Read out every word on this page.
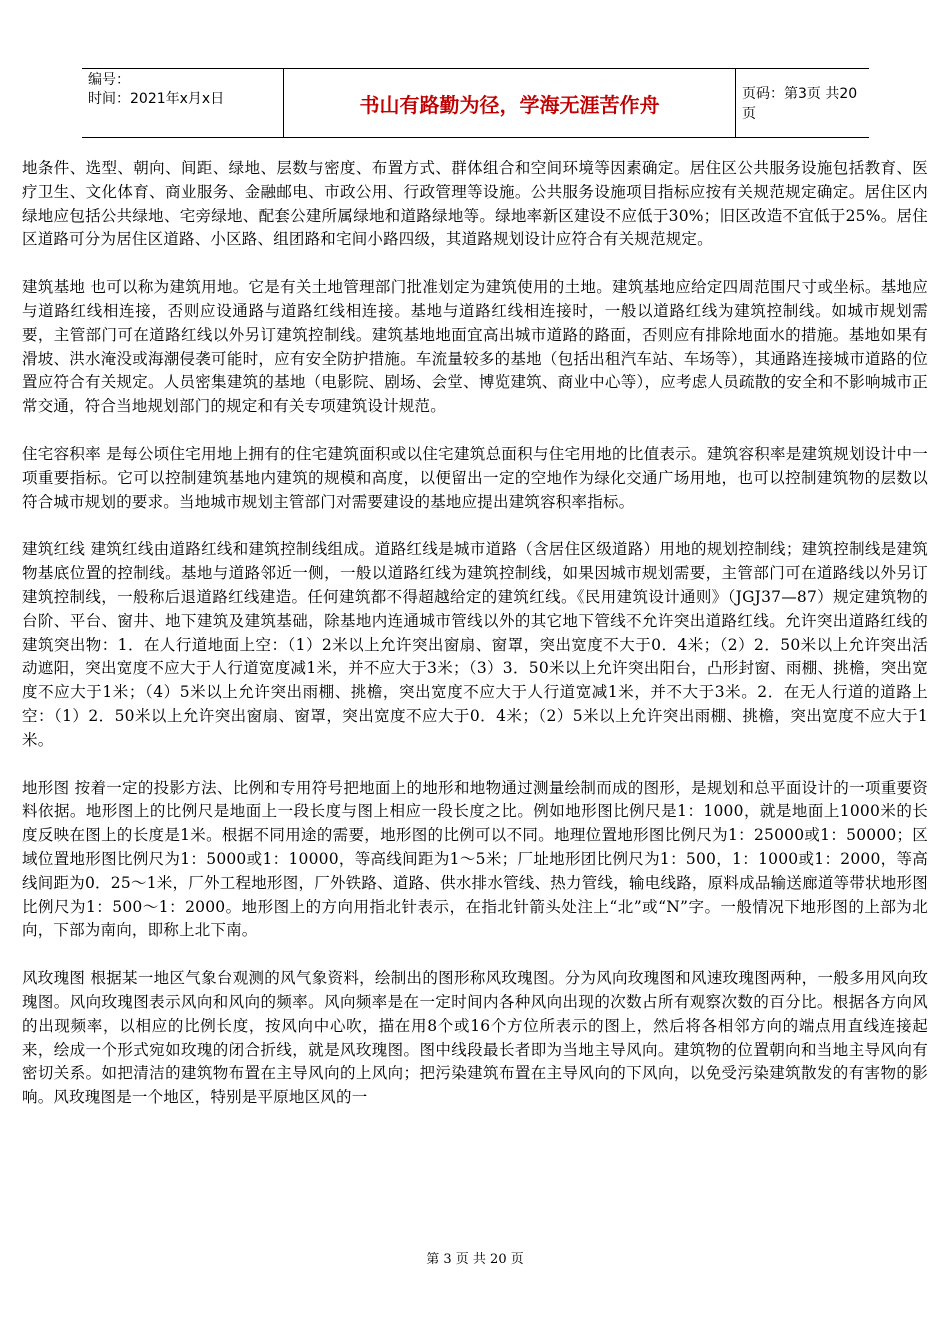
编号：
时间：2021年x月x日	书山有路勤为径，学海无涯苦作舟	页码：第3页 共20页

地条件、选型、朝向、间距、绿地、层数与密度、布置方式、群体组合和空间环境等因素确定。居住区公共服务设施包括教育、医疗卫生、文化体育、商业服务、金融邮电、市政公用、行政管理等设施。公共服务设施项目指标应按有关规范规定确定。居住区内绿地应包括公共绿地、宅旁绿地、配套公建所属绿地和道路绿地等。绿地率新区建设不应低于30%；旧区改造不宜低于25%。居住区道路可分为居住区道路、小区路、组团路和宅间小路四级，其道路规划设计应符合有关规范规定。

建筑基地 也可以称为建筑用地。它是有关土地管理部门批准划定为建筑使用的土地。建筑基地应给定四周范围尺寸或坐标。基地应与道路红线相连接，否则应设通路与道路红线相连接。基地与道路红线相连接时，一般以道路红线为建筑控制线。如城市规划需要，主管部门可在道路红线以外另订建筑控制线。建筑基地地面宜高出城市道路的路面，否则应有排除地面水的措施。基地如果有滑坡、洪水淹没或海潮侵袭可能时，应有安全防护措施。车流量较多的基地（包括出租汽车站、车场等），其通路连接城市道路的位置应符合有关规定。人员密集建筑的基地（电影院、剧场、会堂、博览建筑、商业中心等），应考虑人员疏散的安全和不影响城市正常交通，符合当地规划部门的规定和有关专项建筑设计规范。

住宅容积率 是每公顷住宅用地上拥有的住宅建筑面积或以住宅建筑总面积与住宅用地的比值表示。建筑容积率是建筑规划设计中一项重要指标。它可以控制建筑基地内建筑的规模和高度，以便留出一定的空地作为绿化交通广场用地，也可以控制建筑物的层数以符合城市规划的要求。当地城市规划主管部门对需要建设的基地应提出建筑容积率指标。

建筑红线 建筑红线由道路红线和建筑控制线组成。道路红线是城市道路（含居住区级道路）用地的规划控制线；建筑控制线是建筑物基底位置的控制线。基地与道路邻近一侧，一般以道路红线为建筑控制线，如果因城市规划需要，主管部门可在道路线以外另订建筑控制线，一般称后退道路红线建造。任何建筑都不得超越给定的建筑红线。《民用建筑设计通则》（JGJ37—87）规定建筑物的台阶、平台、窗井、地下建筑及建筑基础，除基地内连通城市管线以外的其它地下管线不允许突出道路红线。允许突出道路红线的建筑突出物：1．在人行道地面上空：（1）2米以上允许突出窗扇、窗罩，突出宽度不大于0．4米；（2）2．50米以上允许突出活动遮阳，突出宽度不应大于人行道宽度减1米，并不应大于3米；（3）3．50米以上允许突出阳台，凸形封窗、雨棚、挑檐，突出宽度不应大于1米；（4）5米以上允许突出雨棚、挑檐，突出宽度不应大于人行道宽减1米，并不大于3米。2．在无人行道的道路上空：（1）2．50米以上允许突出窗扇、窗罩，突出宽度不应大于0．4米；（2）5米以上允许突出雨棚、挑檐，突出宽度不应大于1米。

地形图 按着一定的投影方法、比例和专用符号把地面上的地形和地物通过测量绘制而成的图形，是规划和总平面设计的一项重要资料依据。地形图上的比例尺是地面上一段长度与图上相应一段长度之比。例如地形图比例尺是1：1000，就是地面上1000米的长度反映在图上的长度是1米。根据不同用途的需要，地形图的比例可以不同。地理位置地形图比例尺为1：25000或1：50000；区域位置地形图比例尺为1：5000或1：10000，等高线间距为1～5米；厂址地形团比例尺为1：500，1：1000或1：2000，等高线间距为0．25～1米，厂外工程地形图，厂外铁路、道路、供水排水管线、热力管线，输电线路，原料成品输送廊道等带状地形图比例尺为1：500～1：2000。地形图上的方向用指北针表示，在指北针箭头处注上“北”或“N”字。一般情况下地形图的上部为北向，下部为南向，即称上北下南。

风玫瑰图 根据某一地区气象台观测的风气象资料，绘制出的图形称风玫瑰图。分为风向玫瑰图和风速玫瑰图两种，一般多用风向玫瑰图。风向玫瑰图表示风向和风向的频率。风向频率是在一定时间内各种风向出现的次数占所有观察次数的百分比。根据各方向风的出现频率，以相应的比例长度，按风向中心吹，描在用8个或16个方位所表示的图上，然后将各相邻方向的端点用直线连接起来，绘成一个形式宛如玫瑰的闭合折线，就是风玫瑰图。图中线段最长者即为当地主导风向。建筑物的位置朝向和当地主导风向有密切关系。如把清洁的建筑物布置在主导风向的上风向；把污染建筑布置在主导风向的下风向，以免受污染建筑散发的有害物的影响。风玫瑰图是一个地区，特别是平原地区风的一

第 3 页 共 20 页
